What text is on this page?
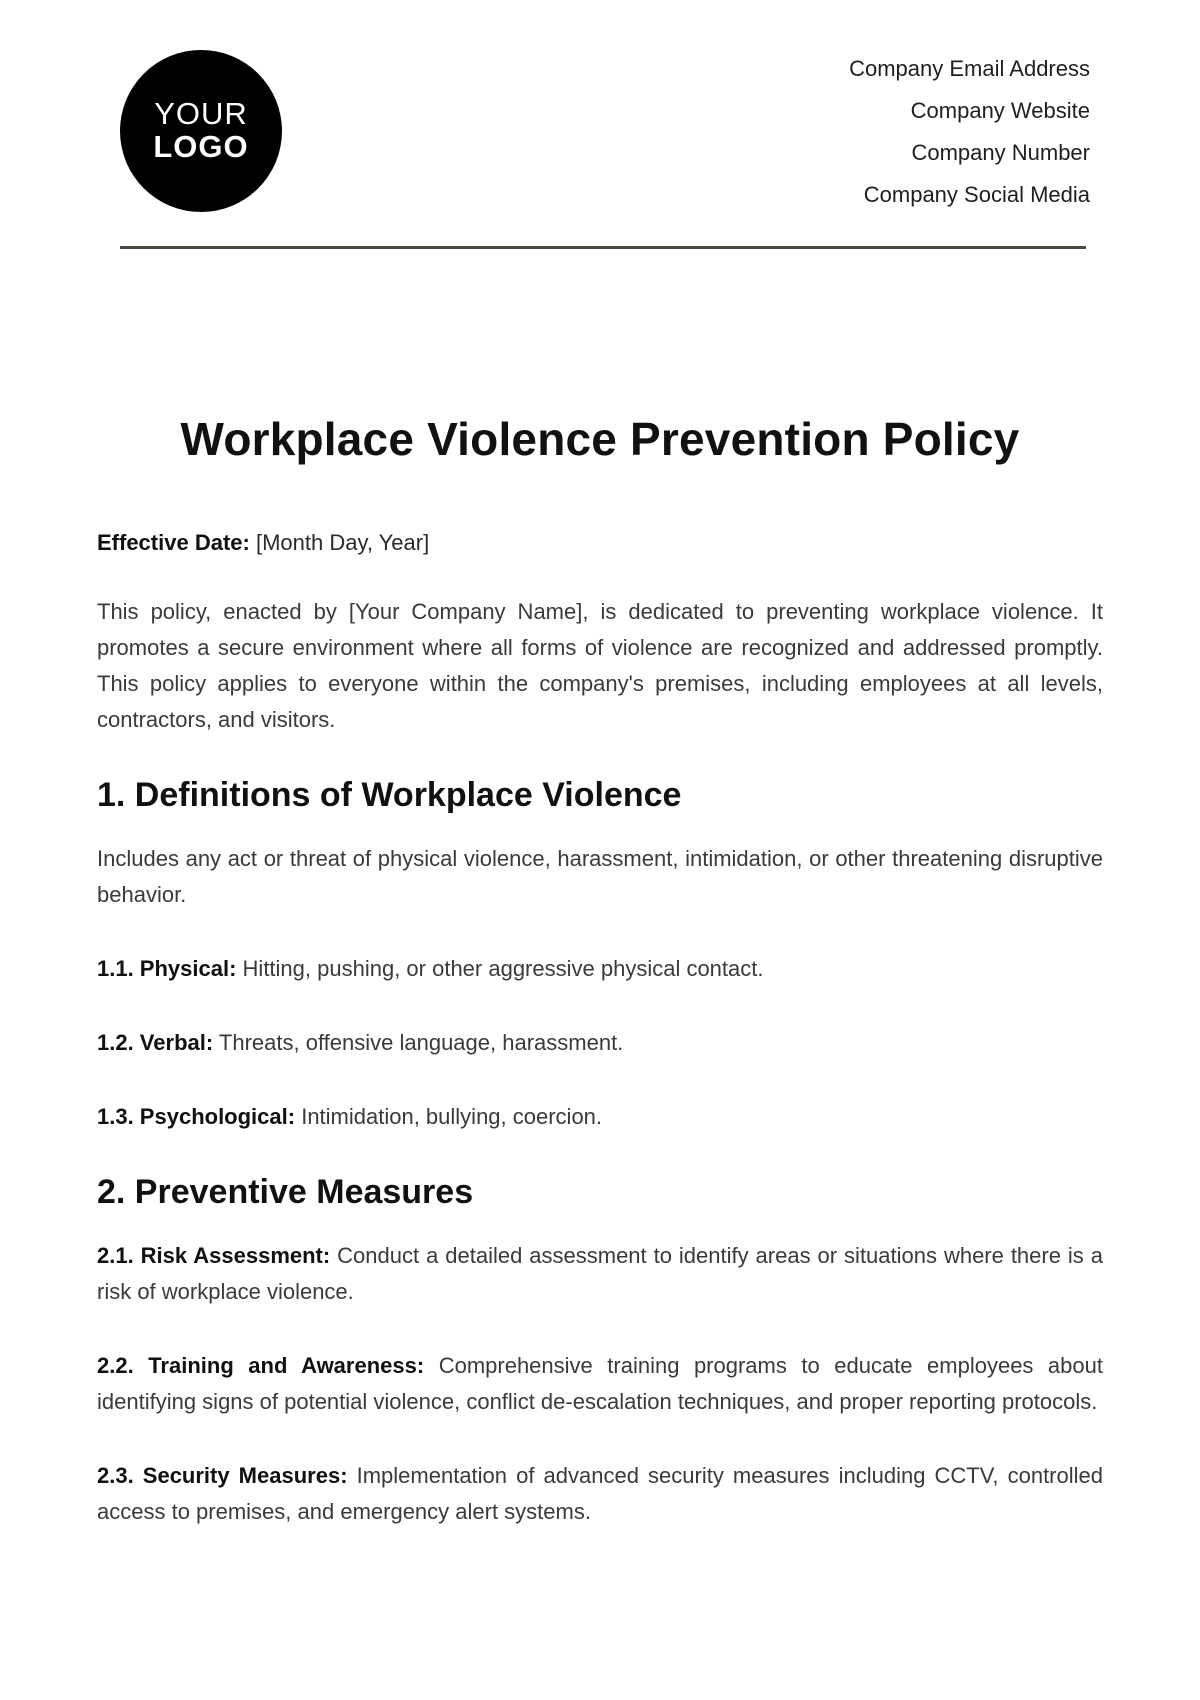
YOUR
LOGO
Company Email Address
Company Website
Company Number
Company Social Media
Workplace Violence Prevention Policy
Effective Date: [Month Day, Year]

This policy, enacted by [Your Company Name], is dedicated to preventing workplace violence. It promotes a secure environment where all forms of violence are recognized and addressed promptly. This policy applies to everyone within the company's premises, including employees at all levels, contractors, and visitors.

1. Definitions of Workplace Violence

Includes any act or threat of physical violence, harassment, intimidation, or other threatening disruptive behavior.

1.1. Physical: Hitting, pushing, or other aggressive physical contact.

1.2. Verbal: Threats, offensive language, harassment.

1.3. Psychological: Intimidation, bullying, coercion.

2. Preventive Measures

2.1. Risk Assessment: Conduct a detailed assessment to identify areas or situations where there is a risk of workplace violence.

2.2. Training and Awareness: Comprehensive training programs to educate employees about identifying signs of potential violence, conflict de-escalation techniques, and proper reporting protocols.

2.3. Security Measures: Implementation of advanced security measures including CCTV, controlled access to premises, and emergency alert systems.
